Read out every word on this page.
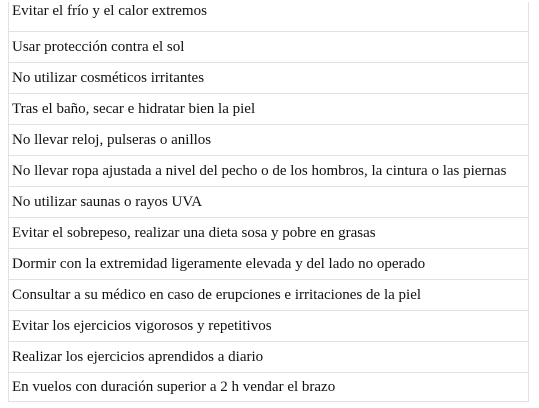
Evitar el frío y el calor extremos
Usar protección contra el sol
No utilizar cosméticos irritantes
Tras el baño, secar e hidratar bien la piel
No llevar reloj, pulseras o anillos
No llevar ropa ajustada a nivel del pecho o de los hombros, la cintura o las piernas
No utilizar saunas o rayos UVA
Evitar el sobrepeso, realizar una dieta sosa y pobre en grasas
Dormir con la extremidad ligeramente elevada y del lado no operado
Consultar a su médico en caso de erupciones e irritaciones de la piel
Evitar los ejercicios vigorosos y repetitivos
Realizar los ejercicios aprendidos a diario
En vuelos con duración superior a 2 h vendar el brazo
